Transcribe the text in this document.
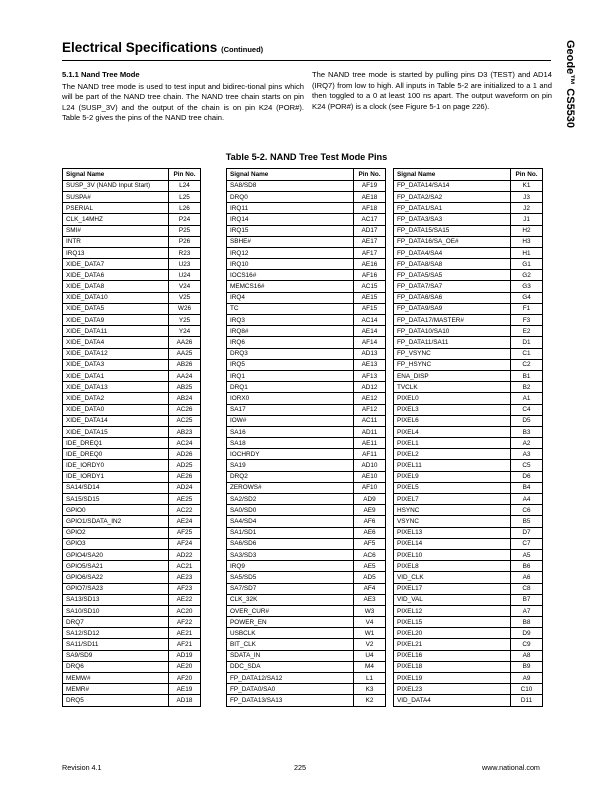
Electrical Specifications (Continued)	Geode™ CS5530
5.1.1 Nand Tree Mode
The NAND tree mode is used to test input and bidirec-tional pins which will be part of the NAND tree chain. The NAND tree chain starts on pin L24 (SUSP_3V) and the output of the chain is on pin K24 (POR#). Table 5-2 gives the pins of the NAND tree chain.
The NAND tree mode is started by pulling pins D3 (TEST) and AD14 (IRQ7) from low to high. All inputs in Table 5-2 are initialized to a 1 and then toggled to a 0 at least 100 ns apart. The output waveform on pin K24 (POR#) is a clock (see Figure 5-1 on page 226).
Table 5-2. NAND Tree Test Mode Pins
Signal Name	Pin No.
SUSP_3V (NAND Input Start)	L24
SUSPA#	L25
PSERIAL	L26
CLK_14MHZ	P24
SMI#	P25
INTR	P26
IRQ13	R23
XIDE_DATA7	U23
XIDE_DATA6	U24
XIDE_DATA8	V24
XIDE_DATA10	V25
XIDE_DATA5	W26
XIDE_DATA9	Y25
XIDE_DATA11	Y24
XIDE_DATA4	AA26
XIDE_DATA12	AA25
XIDE_DATA3	AB26
XIDE_DATA1	AA24
XIDE_DATA13	AB25
XIDE_DATA2	AB24
XIDE_DATA0	AC26
XIDE_DATA14	AC25
XIDE_DATA15	AB23
IDE_DREQ1	AC24
IDE_DREQ0	AD26
IDE_IORDY0	AD25
IDE_IORDY1	AE26
SA14/SD14	AD24
SA15/SD15	AE25
GPIO0	AC22
GPIO1/SDATA_IN2	AE24
GPIO2	AF25
GPIO3	AF24
GPIO4/SA20	AD22
GPIO5/SA21	AC21
GPIO6/SA22	AE23
GPIO7/SA23	AF23
SA13/SD13	AE22
SA10/SD10	AC20
DRQ7	AF22
SA12/SD12	AE21
SA11/SD11	AF21
SA9/SD9	AD19
DRQ6	AE20
MEMW#	AF20
MEMR#	AE19
DRQ5	AD18
Signal Name	Pin No.
SA8/SD8	AF19
DRQ0	AE18
IRQ11	AF18
IRQ14	AC17
IRQ15	AD17
SBHE#	AE17
IRQ12	AF17
IRQ10	AE16
IOCS16#	AF16
MEMCS16#	AC15
IRQ4	AE15
TC	AF15
IRQ3	AC14
IRQ8#	AE14
IRQ6	AF14
DRQ3	AD13
IRQ5	AE13
IRQ1	AF13
DRQ1	AD12
IORX0	AE12
SA17	AF12
IOW#	AC11
SA16	AD11
SA18	AE11
IOCHRDY	AF11
SA19	AD10
DRQ2	AE10
ZEROWS#	AF10
SA2/SD2	AD9
SA0/SD0	AE9
SA4/SD4	AF6
SA1/SD1	AE6
SA6/SD6	AF5
SA3/SD3	AC6
IRQ9	AE5
SA5/SD5	AD5
SA7/SD7	AF4
CLK_32K	AE3
OVER_CUR#	W3
POWER_EN	V4
USBCLK	W1
BIT_CLK	V2
SDATA_IN	U4
DDC_SDA	M4
FP_DATA12/SA12	L1
FP_DATA0/SA0	K3
FP_DATA13/SA13	K2
Signal Name	Pin No.
FP_DATA14/SA14	K1
FP_DATA2/SA2	J3
FP_DATA1/SA1	J2
FP_DATA3/SA3	J1
FP_DATA15/SA15	H2
FP_DATA16/SA_OE#	H3
FP_DATA4/SA4	H1
FP_DATA8/SA8	G1
FP_DATA5/SA5	G2
FP_DATA7/SA7	G3
FP_DATA6/SA6	G4
FP_DATA9/SA9	F1
FP_DATA17/MASTER#	F3
FP_DATA10/SA10	E2
FP_DATA11/SA11	D1
FP_VSYNC	C1
FP_HSYNC	C2
ENA_DISP	B1
TVCLK	B2
PIXEL0	A1
PIXEL3	C4
PIXEL6	D5
PIXEL4	B3
PIXEL1	A2
PIXEL2	A3
PIXEL11	C5
PIXEL9	D6
PIXEL5	B4
PIXEL7	A4
HSYNC	C6
VSYNC	B5
PIXEL13	D7
PIXEL14	C7
PIXEL10	A5
PIXEL8	B6
VID_CLK	A6
PIXEL17	C8
VID_VAL	B7
PIXEL12	A7
PIXEL15	B8
PIXEL20	D9
PIXEL21	C9
PIXEL16	A8
PIXEL18	B9
PIXEL19	A9
PIXEL23	C10
VID_DATA4	D11
Revision 4.1	225	www.national.com
